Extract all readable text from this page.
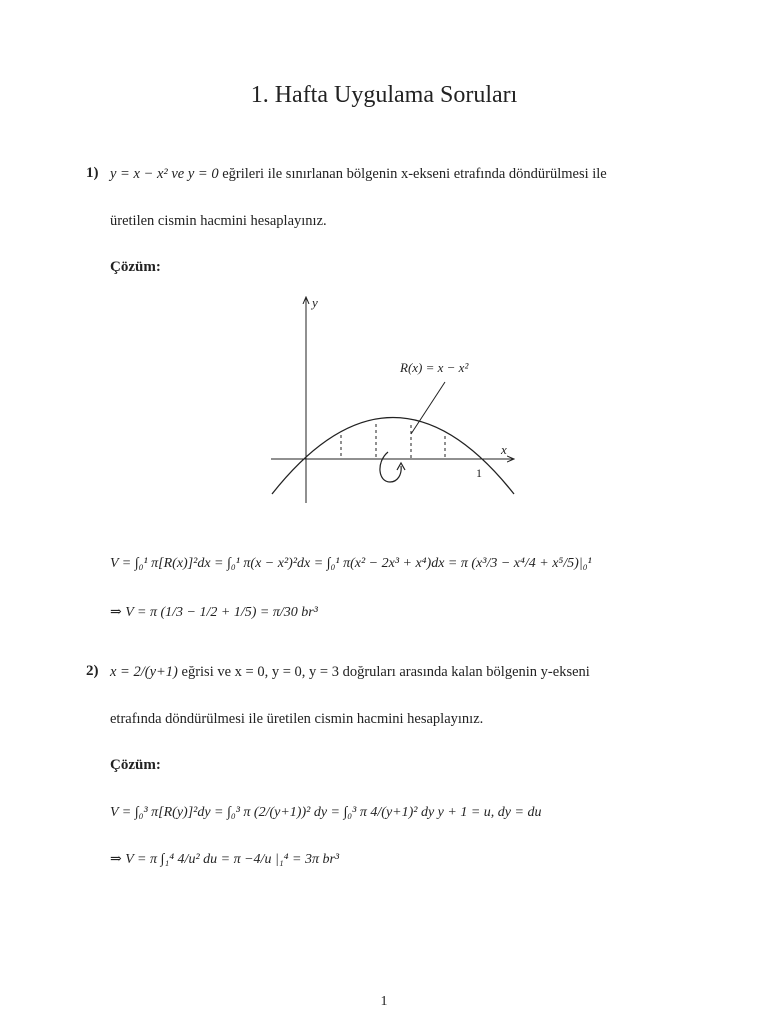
1. Hafta Uygulama Soruları
1) y = x − x² ve y = 0 eğrileri ile sınırlanan bölgenin x-ekseni etrafında döndürülmesi ile
üretilen cismin hacmini hesaplayınız.
Çözüm:
y
x
1
R(x) = x − x²
V = ∫₀¹ π[R(x)]²dx = ∫₀¹ π(x − x²)²dx = ∫₀¹ π(x² − 2x³ + x⁴)dx = π (x³/3 − x⁴/4 + x⁵/5)|₀¹
⇒ V = π (1/3 − 1/2 + 1/5) = π/30 br³
2) x = 2/(y+1) eğrisi ve x = 0, y = 0, y = 3 doğruları arasında kalan bölgenin y-ekseni
etrafında döndürülmesi ile üretilen cismin hacmini hesaplayınız.
Çözüm:
V = ∫₀³ π[R(y)]²dy = ∫₀³ π (2/(y+1))² dy = ∫₀³ π 4/(y+1)² dy y + 1 = u, dy = du
⇒ V = π ∫₁⁴ 4/u² du = π −4/u |₁⁴ = 3π br³
1
